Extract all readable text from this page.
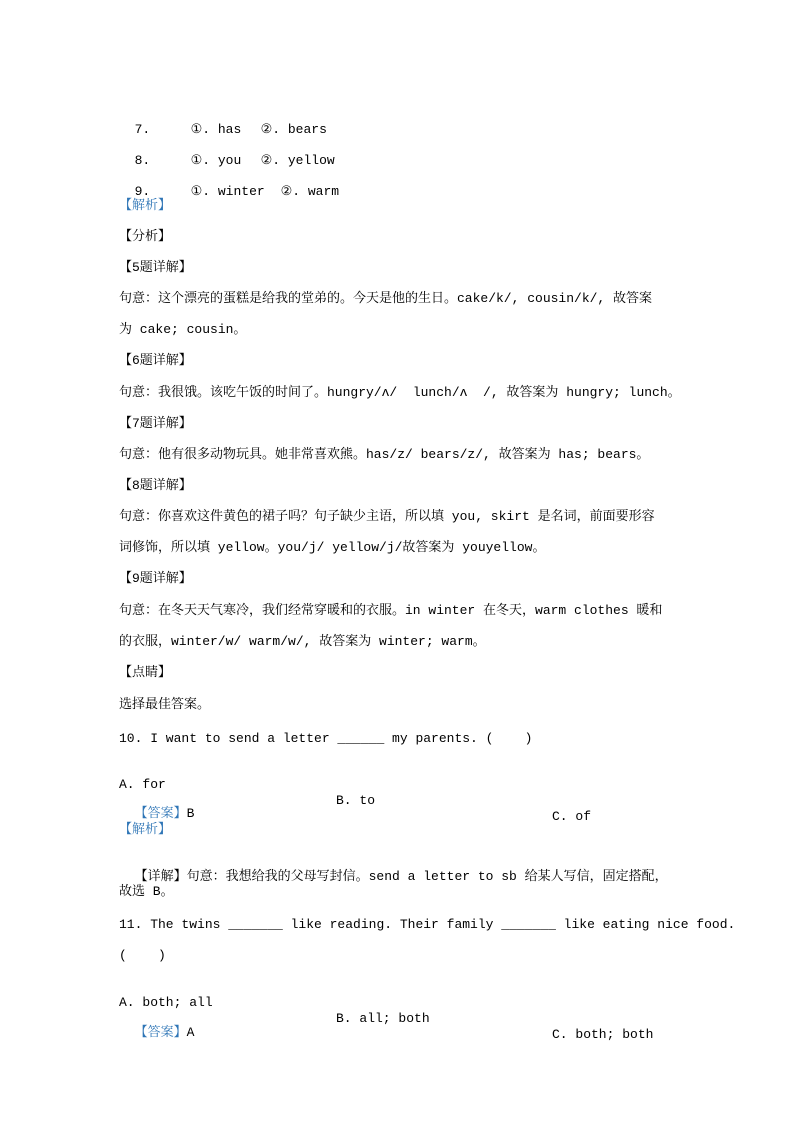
7.	①. has ②. bears

8.	①. you ②. yellow

9.	①. winter ②. warm

【解析】
【分析】
【5题详解】
句意：这个漂亮的蛋糕是给我的堂弟的。今天是他的生日。cake/k/, cousin/k/, 故答案
为 cake; cousin。
【6题详解】
句意：我很饿。该吃午饭的时间了。hungry/ʌ/  lunch/ʌ  /, 故答案为 hungry; lunch。
【7题详解】
句意：他有很多动物玩具。她非常喜欢熊。has/z/ bears/z/, 故答案为 has; bears。
【8题详解】
句意：你喜欢这件黄色的裙子吗？句子缺少主语，所以填 you, skirt 是名词，前面要形容
词修饰，所以填 yellow。you/j/ yellow/j/故答案为 youyellow。
【9题详解】
句意：在冬天天气寒冷，我们经常穿暖和的衣服。in winter 在冬天，warm clothes 暖和
的衣服，winter/w/ warm/w/, 故答案为 winter; warm。
【点睛】
选择最佳答案。
10. I want to send a letter ______ my parents. (    )

A. for

B. to

C. of

【答案】B

【解析】

【详解】句意：我想给我的父母写封信。send a letter to sb 给某人写信，固定搭配，

故选 B。
11. The twins _______ like reading. Their family _______ like eating nice food.
(    )

A. both; all

B. all; both

C. both; both

【答案】A
